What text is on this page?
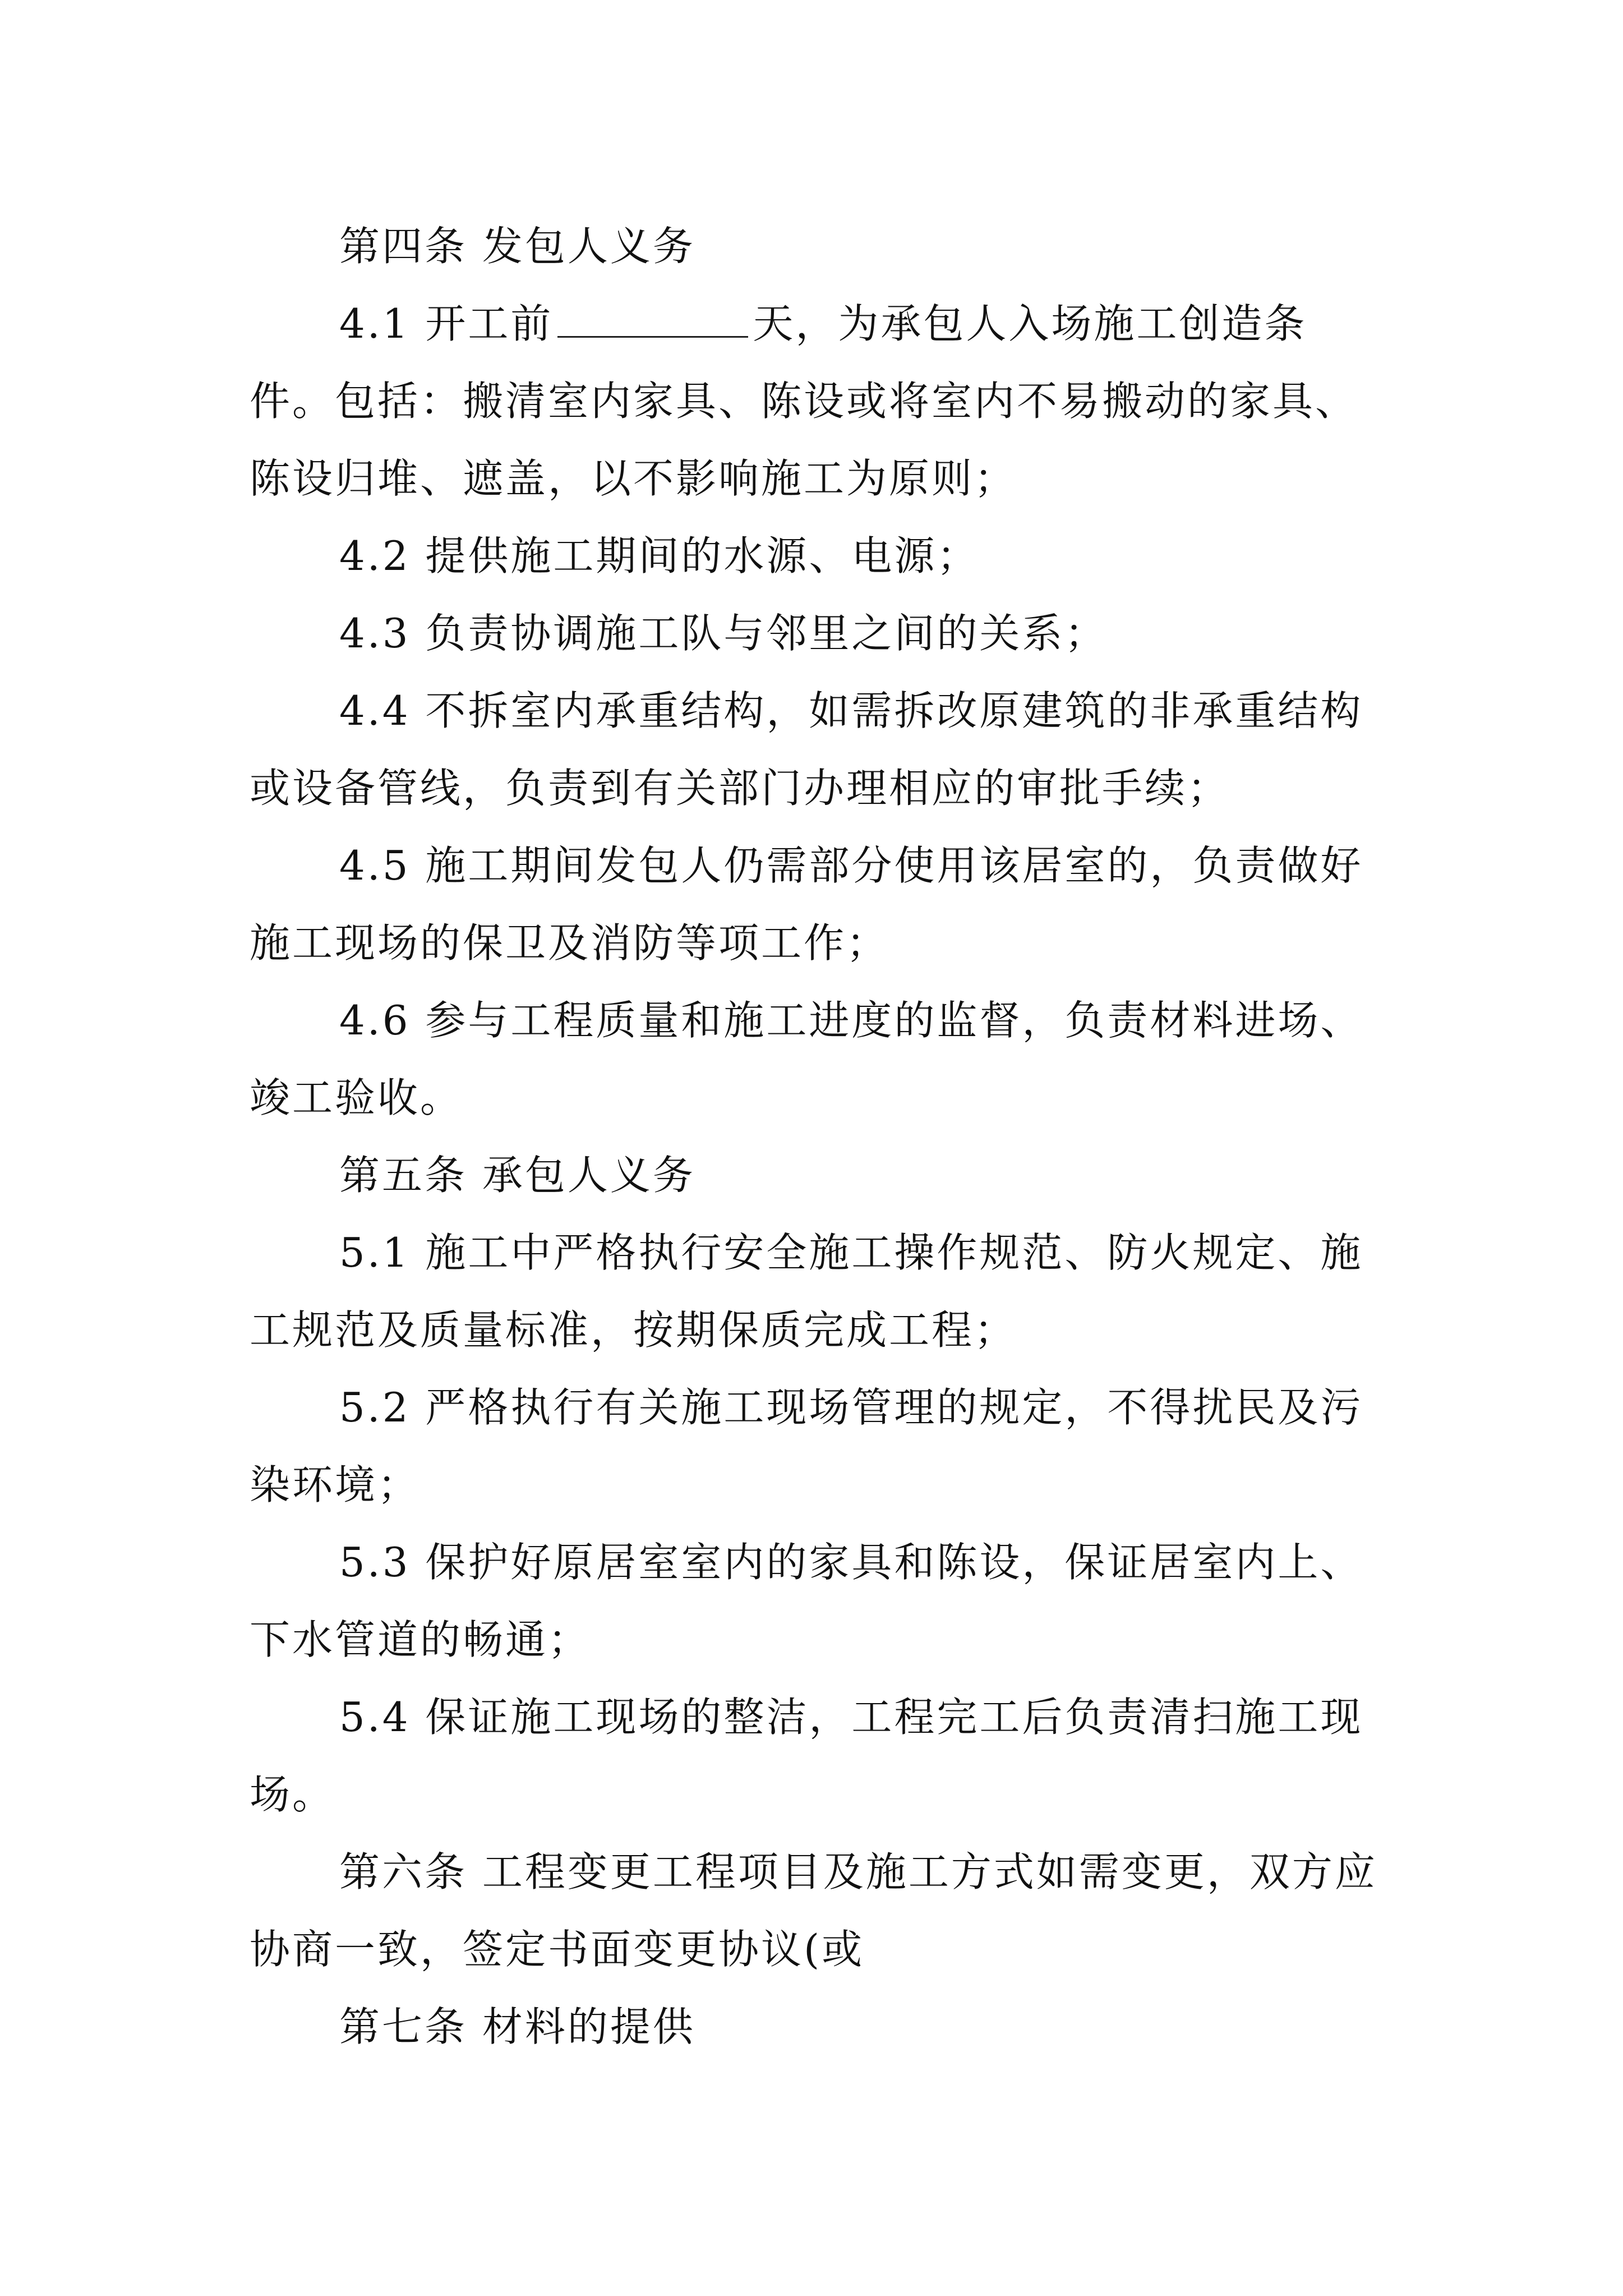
第四条 发包人义务

4.1 开工前	天，为承包人入场施工创造条件。包括：搬清室内家具、陈设或将室内不易搬动的家具、陈设归堆、遮盖，以不影响施工为原则；

4.2 提供施工期间的水源、电源；

4.3 负责协调施工队与邻里之间的关系；

4.4 不拆室内承重结构，如需拆改原建筑的非承重结构或设备管线，负责到有关部门办理相应的审批手续；

4.5 施工期间发包人仍需部分使用该居室的，负责做好施工现场的保卫及消防等项工作；

4.6 参与工程质量和施工进度的监督，负责材料进场、竣工验收。

第五条 承包人义务

5.1 施工中严格执行安全施工操作规范、防火规定、施工规范及质量标准，按期保质完成工程；

5.2 严格执行有关施工现场管理的规定，不得扰民及污染环境；

5.3 保护好原居室室内的家具和陈设，保证居室内上、下水管道的畅通；

5.4 保证施工现场的整洁，工程完工后负责清扫施工现场。

第六条 工程变更工程项目及施工方式如需变更，双方应协商一致，签定书面变更协议(或

第七条 材料的提供
